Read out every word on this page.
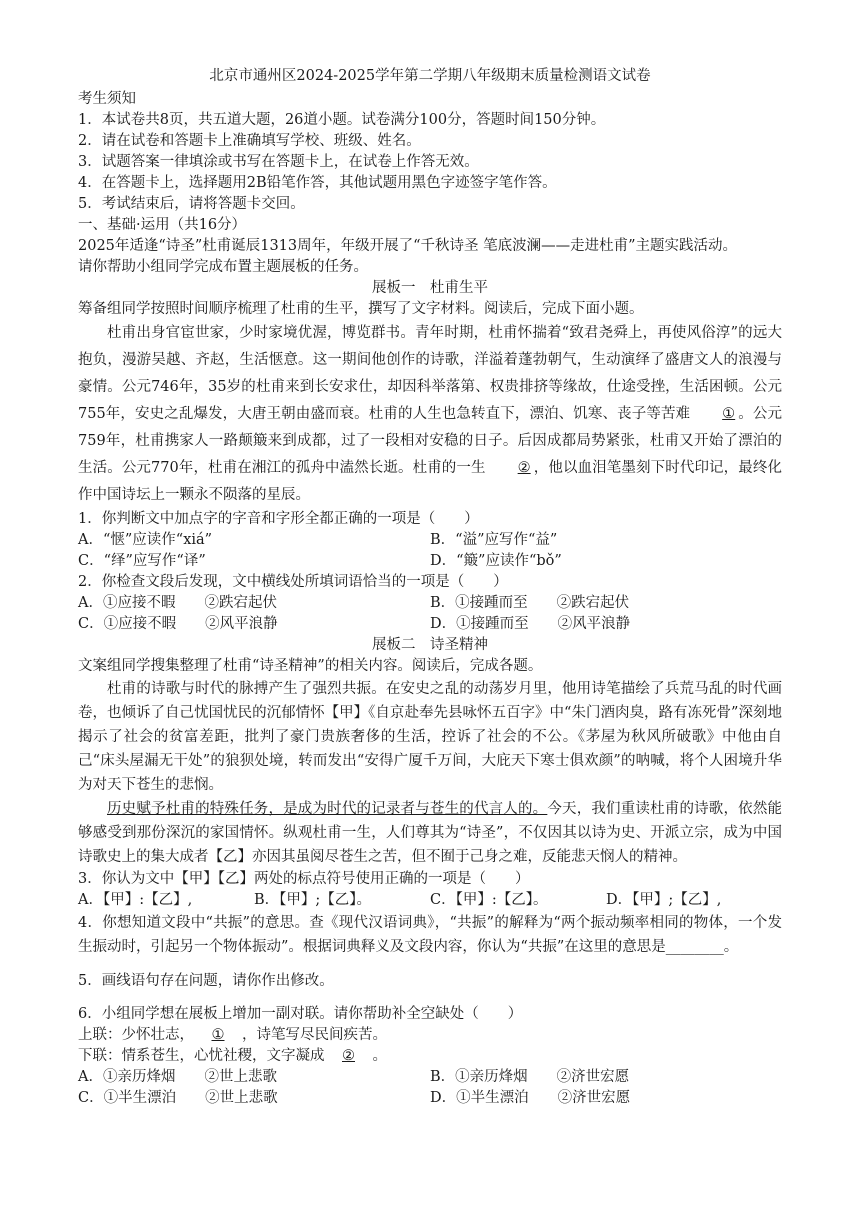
北京市通州区2024-2025学年第二学期八年级期末质量检测语文试卷
考生须知
1．本试卷共8页，共五道大题，26道小题。试卷满分100分，答题时间150分钟。
2．请在试卷和答题卡上准确填写学校、班级、姓名。
3．试题答案一律填涂或书写在答题卡上，在试卷上作答无效。
4．在答题卡上，选择题用2B铅笔作答，其他试题用黑色字迹签字笔作答。
5．考试结束后，请将答题卡交回。
一、基础·运用（共16分）
2025年适逢“诗圣”杜甫诞辰1313周年，年级开展了“千秋诗圣 笔底波澜——走进杜甫”主题实践活动。
请你帮助小组同学完成布置主题展板的任务。
展板一　杜甫生平
筹备组同学按照时间顺序梳理了杜甫的生平，撰写了文字材料。阅读后，完成下面小题。

杜甫出身官宦世家，少时家境优渥，博览群书。青年时期，杜甫怀揣着“致君尧舜上，再使风俗淳”的远大抱负，漫游吴越、齐赵，生活惬意。这一期间他创作的诗歌，洋溢着蓬勃朝气，生动演绎了盛唐文人的浪漫与豪情。公元746年，35岁的杜甫来到长安求仕，却因科举落第、权贵排挤等缘故，仕途受挫，生活困顿。公元755年，安史之乱爆发，大唐王朝由盛而衰。杜甫的人生也急转直下，漂泊、饥寒、丧子等苦难 ① 。公元759年，杜甫携家人一路颠簸来到成都，过了一段相对安稳的日子。后因成都局势紧张，杜甫又开始了漂泊的生活。公元770年，杜甫在湘江的孤舟中溘然长逝。杜甫的一生 ② ，他以血泪笔墨刻下时代印记，最终化作中国诗坛上一颗永不陨落的星辰。

1．你判断文中加点字的字音和字形全都正确的一项是（　　）
A．“惬”应读作“xiá”	B．“溢”应写作“益”
C．“绎”应写作“译”	D．“簸”应读作“bǒ”
2．你检查文段后发现，文中横线处所填词语恰当的一项是（　　）
A．①应接不暇　　②跌宕起伏	B．①接踵而至　　②跌宕起伏
C．①应接不暇　　②风平浪静	D．①接踵而至　　②风平浪静
展板二　诗圣精神
文案组同学搜集整理了杜甫“诗圣精神”的相关内容。阅读后，完成各题。

杜甫的诗歌与时代的脉搏产生了强烈共振。在安史之乱的动荡岁月里，他用诗笔描绘了兵荒马乱的时代画卷，也倾诉了自己忧国忧民的沉郁情怀【甲】《自京赴奉先县咏怀五百字》中“朱门酒肉臭，路有冻死骨”深刻地揭示了社会的贫富差距，批判了豪门贵族奢侈的生活，控诉了社会的不公。《茅屋为秋风所破歌》中他由自己“床头屋漏无干处”的狼狈处境，转而发出“安得广厦千万间，大庇天下寒士俱欢颜”的呐喊，将个人困境升华为对天下苍生的悲悯。

历史赋予杜甫的特殊任务，是成为时代的记录者与苍生的代言人的。今天，我们重读杜甫的诗歌，依然能够感受到那份深沉的家国情怀。纵观杜甫一生，人们尊其为“诗圣”，不仅因其以诗为史、开派立宗，成为中国诗歌史上的集大成者【乙】亦因其虽阅尽苍生之苦，但不囿于己身之难，反能悲天悯人的精神。

3．你认为文中【甲】【乙】两处的标点符号使用正确的一项是（　　）
A．【甲】:【乙】,	B．【甲】;【乙】。	C．【甲】:【乙】。	D．【甲】;【乙】,

4．你想知道文段中“共振”的意思。查《现代汉语词典》，“共振”的解释为“两个振动频率相同的物体，一个发生振动时，引起另一个物体振动”。根据词典释义及文段内容，你认为“共振”在这里的意思是________。

5．画线语句存在问题，请你作出修改。
6．小组同学想在展板上增加一副对联。请你帮助补全空缺处（　　）
上联：少怀壮志， ① ，诗笔写尽民间疾苦。
下联：情系苍生，心忧社稷，文字凝成 ② 。
A．①亲历烽烟　　②世上悲歌	B．①亲历烽烟　　②济世宏愿
C．①半生漂泊　　②世上悲歌	D．①半生漂泊　　②济世宏愿
